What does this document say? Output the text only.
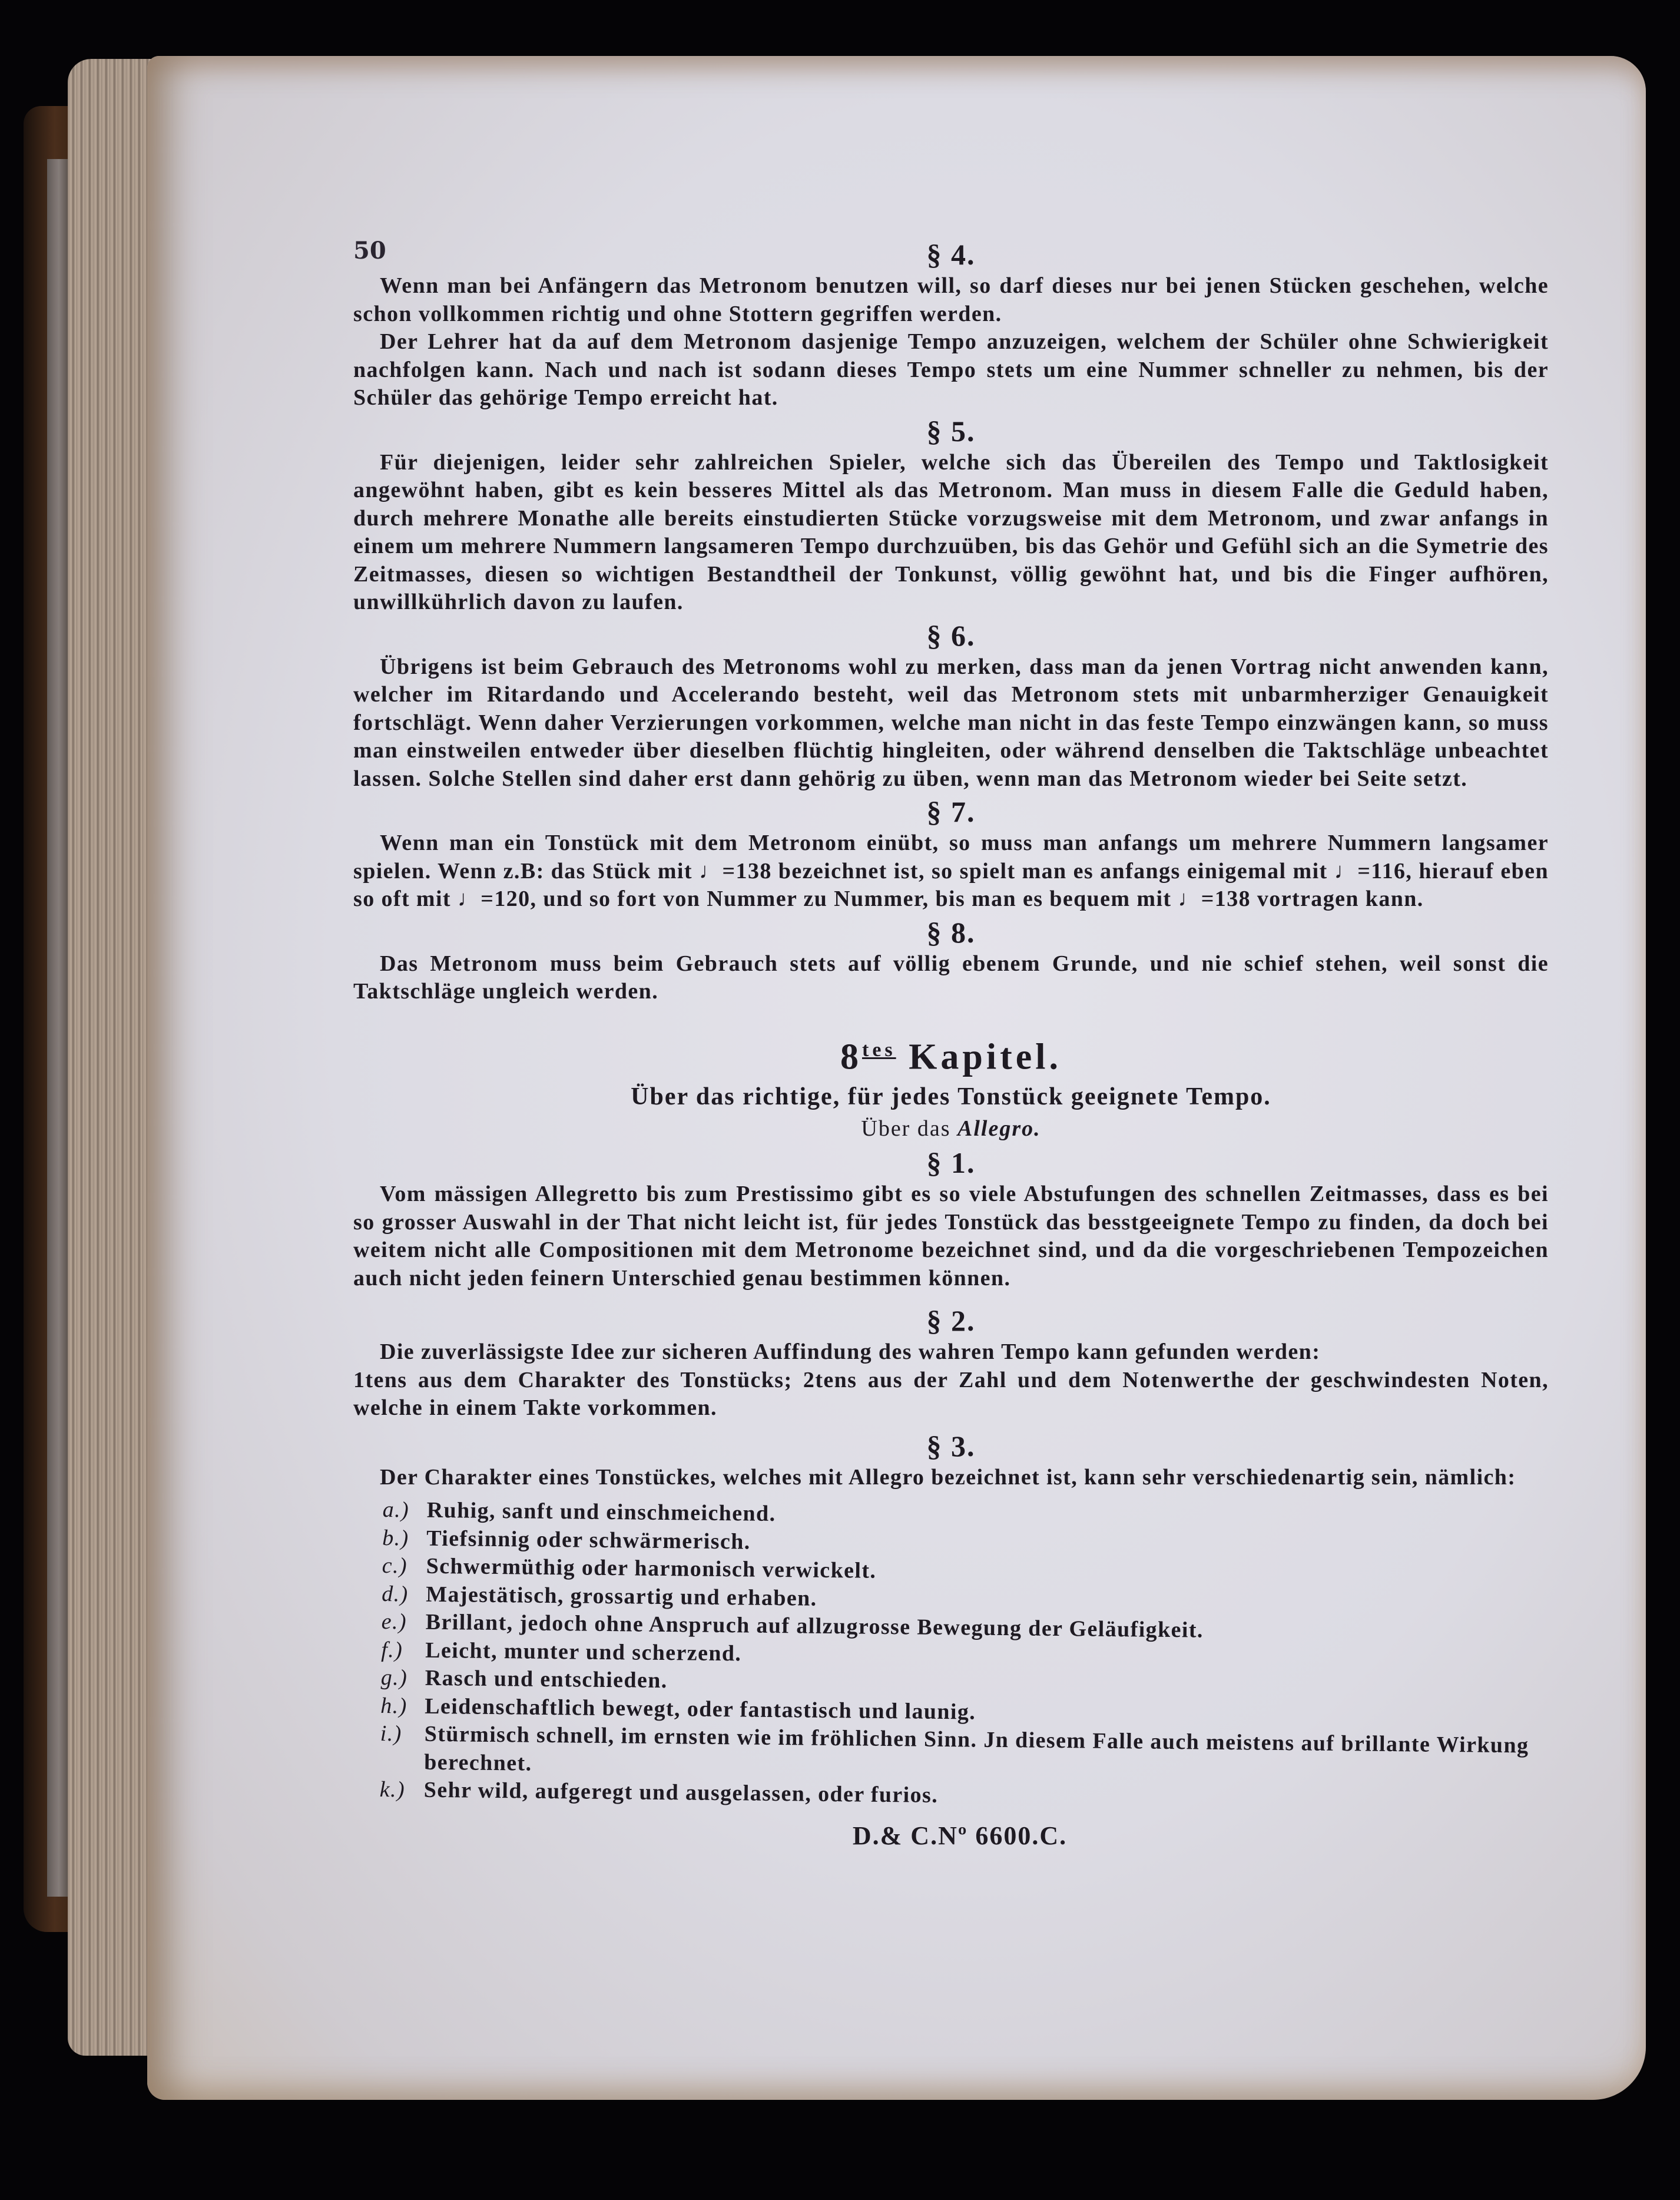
50	§ 4.

Wenn man bei Anfängern das Metronom benutzen will, so darf dieses nur bei jenen Stücken geschehen, welche schon vollkommen richtig und ohne Stottern gegriffen werden.

Der Lehrer hat da auf dem Metronom dasjenige Tempo anzuzeigen, welchem der Schüler ohne Schwierigkeit nachfolgen kann. Nach und nach ist sodann dieses Tempo stets um eine Nummer schneller zu nehmen, bis der Schüler das gehörige Tempo erreicht hat.

§ 5.

Für diejenigen, leider sehr zahlreichen Spieler, welche sich das Übereilen des Tempo und Taktlosigkeit angewöhnt haben, gibt es kein besseres Mittel als das Metronom. Man muss in diesem Falle die Geduld haben, durch mehrere Monathe alle bereits einstudierten Stücke vorzugsweise mit dem Metronom, und zwar anfangs in einem um mehrere Nummern langsameren Tempo durchzuüben, bis das Gehör und Gefühl sich an die Symetrie des Zeitmasses, diesen so wichtigen Bestandtheil der Tonkunst, völlig gewöhnt hat, und bis die Finger aufhören, unwillkührlich davon zu laufen.

§ 6.

Übrigens ist beim Gebrauch des Metronoms wohl zu merken, dass man da jenen Vortrag nicht anwenden kann, welcher im Ritardando und Accelerando besteht, weil das Metronom stets mit unbarmherziger Genauigkeit fortschlägt. Wenn daher Verzierungen vorkommen, welche man nicht in das feste Tempo einzwängen kann, so muss man einstweilen entweder über dieselben flüchtig hingleiten, oder während denselben die Taktschläge unbeachtet lassen. Solche Stellen sind daher erst dann gehörig zu üben, wenn man das Metronom wieder bei Seite setzt.

§ 7.

Wenn man ein Tonstück mit dem Metronom einübt, so muss man anfangs um mehrere Nummern langsamer spielen. Wenn z.B: das Stück mit ♩=138 bezeichnet ist, so spielt man es anfangs einigemal mit ♩=116, hierauf eben so oft mit ♩=120, und so fort von Nummer zu Nummer, bis man es bequem mit ♩=138 vortragen kann.

§ 8.

Das Metronom muss beim Gebrauch stets auf völlig ebenem Grunde, und nie schief stehen, weil sonst die Taktschläge ungleich werden.

$8^{tes}$ Kapitel.
Über das richtige, für jedes Tonstück geeignete Tempo.
Über das Allegro.
§ 1.

Vom mässigen Allegretto bis zum Prestissimo gibt es so viele Abstufungen des schnellen Zeitmasses, dass es bei so grosser Auswahl in der That nicht leicht ist, für jedes Tonstück das besstgeeignete Tempo zu finden, da doch bei weitem nicht alle Compositionen mit dem Metronome bezeichnet sind, und da die vorgeschriebenen Tempozeichen auch nicht jeden feinern Unterschied genau bestimmen können.

§ 2.

Die zuverlässigste Idee zur sicheren Auffindung des wahren Tempo kann gefunden werden:

1tens aus dem Charakter des Tonstücks; 2tens aus der Zahl und dem Notenwerthe der geschwindesten Noten, welche in einem Takte vorkommen.

§ 3.

Der Charakter eines Tonstückes, welches mit Allegro bezeichnet ist, kann sehr verschiedenartig sein, nämlich:

a.) Ruhig, sanft und einschmeichend.
b.) Tiefsinnig oder schwärmerisch.
c.) Schwermüthig oder harmonisch verwickelt.
d.) Majestätisch, grossartig und erhaben.
e.) Brillant, jedoch ohne Anspruch auf allzugrosse Bewegung der Geläufigkeit.
f.) Leicht, munter und scherzend.
g.) Rasch und entschieden.
h.) Leidenschaftlich bewegt, oder fantastisch und launig.
i.) Stürmisch schnell, im ernsten wie im fröhlichen Sinn. Jn diesem Falle auch meistens auf brillante Wirkung berechnet.
k.) Sehr wild, aufgeregt und ausgelassen, oder furios.
D.& C.Nº 6600.C.
